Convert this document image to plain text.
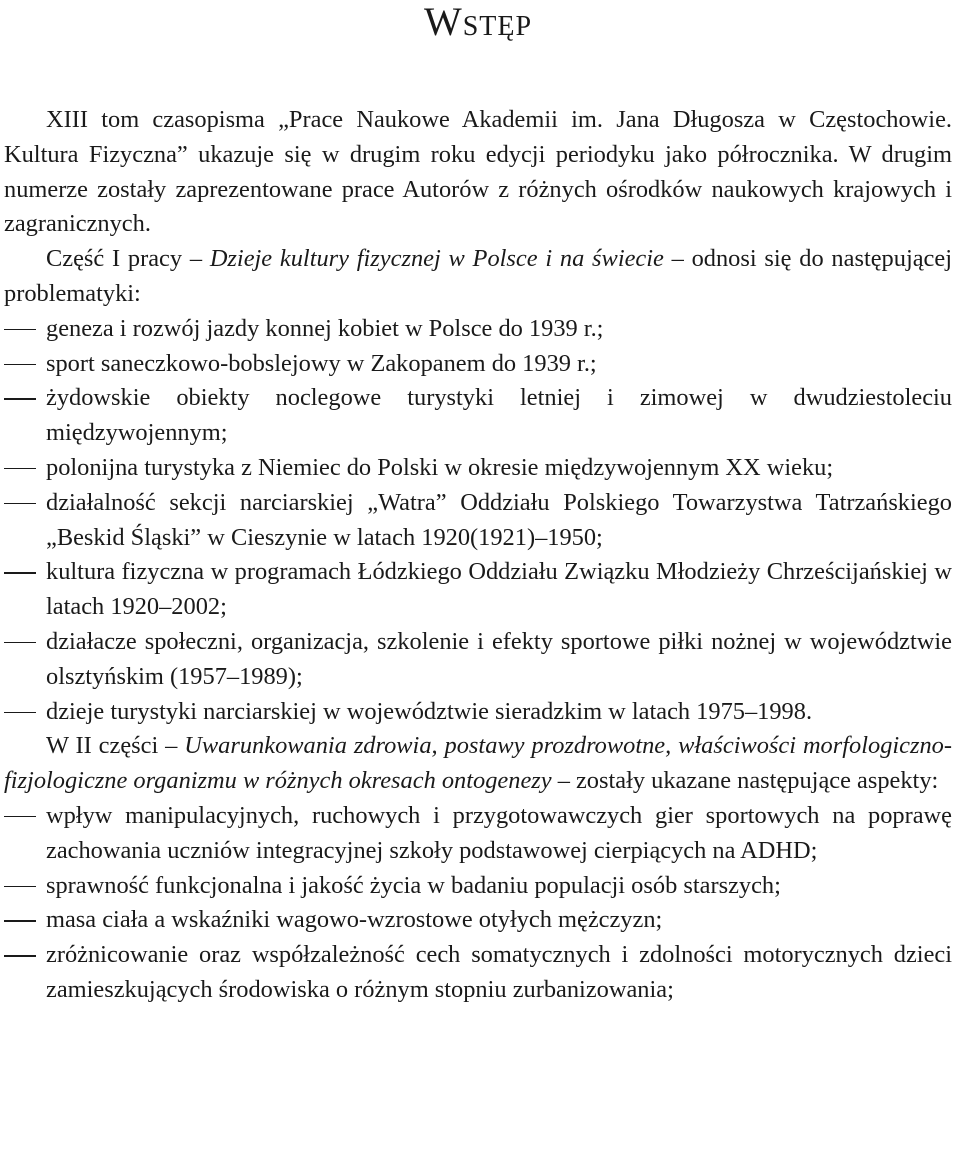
Wstęp

XIII tom czasopisma „Prace Naukowe Akademii im. Jana Długosza w Częstochowie. Kultura Fizyczna” ukazuje się w drugim roku edycji periodyku jako półrocznika. W drugim numerze zostały zaprezentowane prace Autorów z różnych ośrodków naukowych krajowych i zagranicznych.

Część I pracy – Dzieje kultury fizycznej w Polsce i na świecie – odnosi się do następującej problematyki:

geneza i rozwój jazdy konnej kobiet w Polsce do 1939 r.;
sport saneczkowo-bobslejowy w Zakopanem do 1939 r.;
żydowskie obiekty noclegowe turystyki letniej i zimowej w dwudziestoleciu międzywojennym;
polonijna turystyka z Niemiec do Polski w okresie międzywojennym XX wieku;
działalność sekcji narciarskiej „Watra” Oddziału Polskiego Towarzystwa Tatrzańskiego „Beskid Śląski” w Cieszynie w latach 1920(1921)–1950;
kultura fizyczna w programach Łódzkiego Oddziału Związku Młodzieży Chrześcijańskiej w latach 1920–2002;
działacze społeczni, organizacja, szkolenie i efekty sportowe piłki nożnej w województwie olsztyńskim (1957–1989);
dzieje turystyki narciarskiej w województwie sieradzkim w latach 1975–1998.

W II części – Uwarunkowania zdrowia, postawy prozdrowotne, właściwości morfologiczno-fizjologiczne organizmu w różnych okresach ontogenezy – zostały ukazane następujące aspekty:

wpływ manipulacyjnych, ruchowych i przygotowawczych gier sportowych na poprawę zachowania uczniów integracyjnej szkoły podstawowej cierpiących na ADHD;
sprawność funkcjonalna i jakość życia w badaniu populacji osób starszych;
masa ciała a wskaźniki wagowo-wzrostowe otyłych mężczyzn;
zróżnicowanie oraz współzależność cech somatycznych i zdolności motorycznych dzieci zamieszkujących środowiska o różnym stopniu zurbanizowania;
